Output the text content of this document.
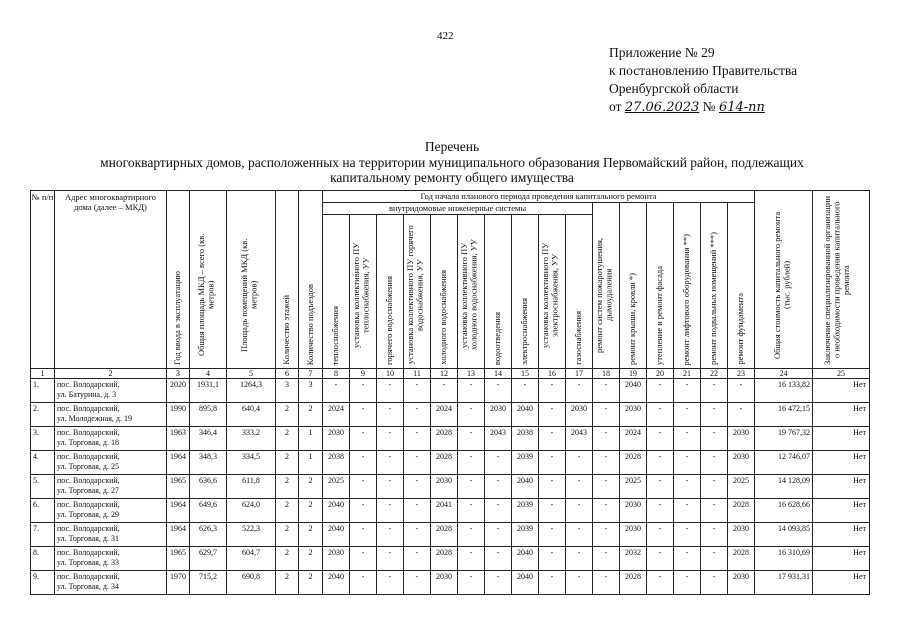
422
Приложение № 29
к постановлению Правительства
Оренбургской области
от 27.06.2023 № 614-пп
Перечень
многоквартирных домов, расположенных на территории муниципального образования Первомайский район, подлежащих
капитальному ремонту общего имущества
№ п/п	Адрес многоквартирного дома (далее – МКД)	Год ввода в эксплуатацию	Общая площадь МКД – всего (кв. метров)	Площадь помещений МКД (кв. метров)	Количество этажей	Количество подъездов	Год начала планового периода проведения капитального ремонта																Общая стоимость капитального ремонта (тыс. рублей)	Заключение специализированной организации о необходимости проведения капитального ремонта

							внутридомовые инженерные системы										ремонт систем пожаротушения, дымоудаления	ремонт крыши, кровли *)	утепление и ремонт фасада	ремонт лифтового оборудования **)	ремонт подвальных помещений ***)	ремонт фундамента		

							теплоснабжения	установка коллективного ПУ теплоснабжения, УУ	горячего водоснабжения	установка коллективного ПУ горячего водоснабжения, УУ	холодного водоснабжения	установка коллективного ПУ холодного водоснабжения, УУ	водоотведения	электроснабжения	установка коллективного ПУ электроснабжения, УУ	газоснабжения								

1	2	3	4	5	6	7	8	9	10	11	12	13	14	15	16	17	18	19	20	21	22	23	24	25
1.	пос. Володарский,
ул. Батурина, д. 3	2020	1931,1	1264,3	3	3	-	-	-	-	-	-	-	-	-	-	-	2040	-	-	-	-	16 133,82	Нет
2.	пос. Володарский,
ул. Молодежная, д. 19	1990	895,8	640,4	2	2	2024	-	-	-	2024	-	2030	2040	-	2030	-	2030	-	-	-	-	16 472,15	Нет
3.	пос. Володарский,
ул. Торговая, д. 18	1963	346,4	333,2	2	1	2030	-	-	-	2028	-	2043	2038	-	2043	-	2024	-	-	-	2030	19 767,32	Нет
4.	пос. Володарский,
ул. Торговая, д. 25	1964	348,3	334,5	2	1	2038	-	-	-	2028	-	-	2039	-	-	-	2028	-	-	-	2030	12 746,07	Нет
5.	пос. Володарский,
ул. Торговая, д. 27	1965	636,6	611,8	2	2	2025	-	-	-	2030	-	-	2040	-	-	-	2025	-	-	-	2025	14 128,09	Нет
6.	пос. Володарский,
ул. Торговая, д. 29	1964	649,6	624,0	2	2	2040	-	-	-	2041	-	-	2039	-	-	-	2030	-	-	-	2028	16 628,66	Нет
7.	пос. Володарский,
ул. Торговая, д. 31	1964	626,3	522,3	2	2	2040	-	-	-	2028	-	-	2039	-	-	-	2030	-	-	-	2030	14 093,85	Нет
8.	пос. Володарский,
ул. Торговая, д. 33	1965	629,7	604,7	2	2	2030	-	-	-	2028	-	-	2040	-	-	-	2032	-	-	-	2028	16 310,69	Нет
9.	пос. Володарский,
ул. Торговая, д. 34	1970	715,2	690,8	2	2	2040	-	-	-	2030	-	-	2040	-	-	-	2028	-	-	-	2030	17 931,31	Нет
